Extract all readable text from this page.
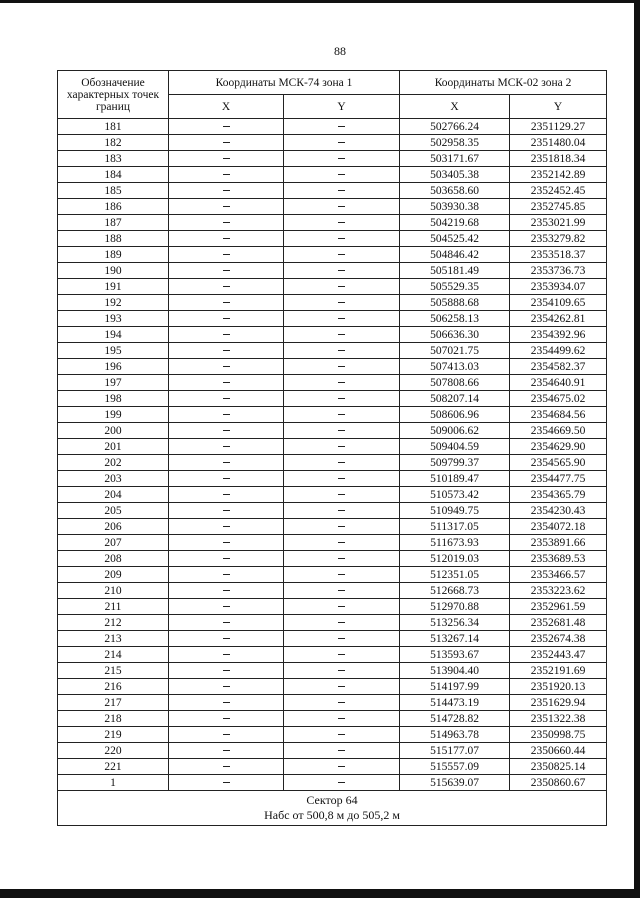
88
Обозначение характерных точек границ	Координаты МСК-74 зона 1		Координаты МСК-02 зона 2	
	X	Y	X	Y
181			502766.24	2351129.27
182			502958.35	2351480.04
183			503171.67	2351818.34
184			503405.38	2352142.89
185			503658.60	2352452.45
186			503930.38	2352745.85
187			504219.68	2353021.99
188			504525.42	2353279.82
189			504846.42	2353518.37
190			505181.49	2353736.73
191			505529.35	2353934.07
192			505888.68	2354109.65
193			506258.13	2354262.81
194			506636.30	2354392.96
195			507021.75	2354499.62
196			507413.03	2354582.37
197			507808.66	2354640.91
198			508207.14	2354675.02
199			508606.96	2354684.56
200			509006.62	2354669.50
201			509404.59	2354629.90
202			509799.37	2354565.90
203			510189.47	2354477.75
204			510573.42	2354365.79
205			510949.75	2354230.43
206			511317.05	2354072.18
207			511673.93	2353891.66
208			512019.03	2353689.53
209			512351.05	2353466.57
210			512668.73	2353223.62
211			512970.88	2352961.59
212			513256.34	2352681.48
213			513267.14	2352674.38
214			513593.67	2352443.47
215			513904.40	2352191.69
216			514197.99	2351920.13
217			514473.19	2351629.94
218			514728.82	2351322.38
219			514963.78	2350998.75
220			515177.07	2350660.44
221			515557.09	2350825.14
1			515639.07	2350860.67

Сектор 64
Набс от 500,8 м до 505,2 м				
